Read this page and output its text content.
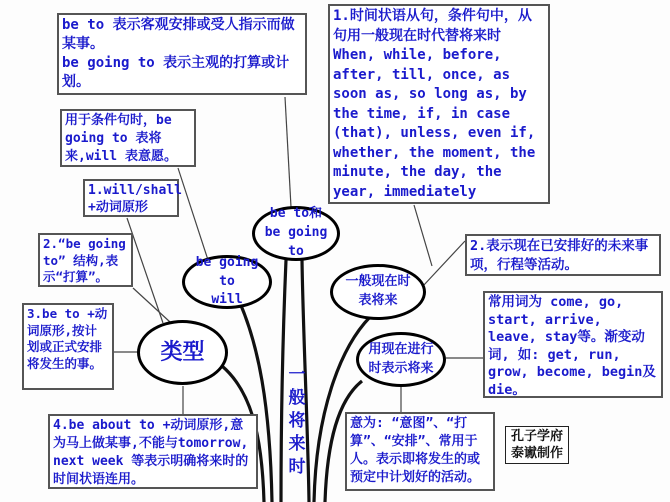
be to 表示客观安排或受人指示而做某事。
be going to 表示主观的打算或计划。
1.时间状语从句，条件句中，从句用一般现在时代替将来时
When, while, before, after, till, once, as soon as, so long as, by the time, if, in case (that), unless, even if, whether, the moment, the minute, the day, the year, immediately
用于条件句时，be going to 表将来,will 表意愿。
1.will/shall
+动词原形
2.“be going to” 结构,表示“打算”。
3.be to +动词原形,按计划或正式安排将发生的事。
4.be about to +动词原形,意为马上做某事,不能与tomorrow, next week 等表示明确将来时的时间状语连用。
2.表示现在已安排好的未来事项，行程等活动。
常用词为 come, go, start, arrive, leave, stay等。渐变动词, 如: get, run, grow, become, begin及die。
意为: “意图”、“打算”、“安排”、常用于人。表示即将发生的或预定中计划好的活动。
孔子学府
泰谳制作
be to和
be going to
be going to
will
类型
一般现在时
表将来
用现在进行
时表示将来
一般将来时
